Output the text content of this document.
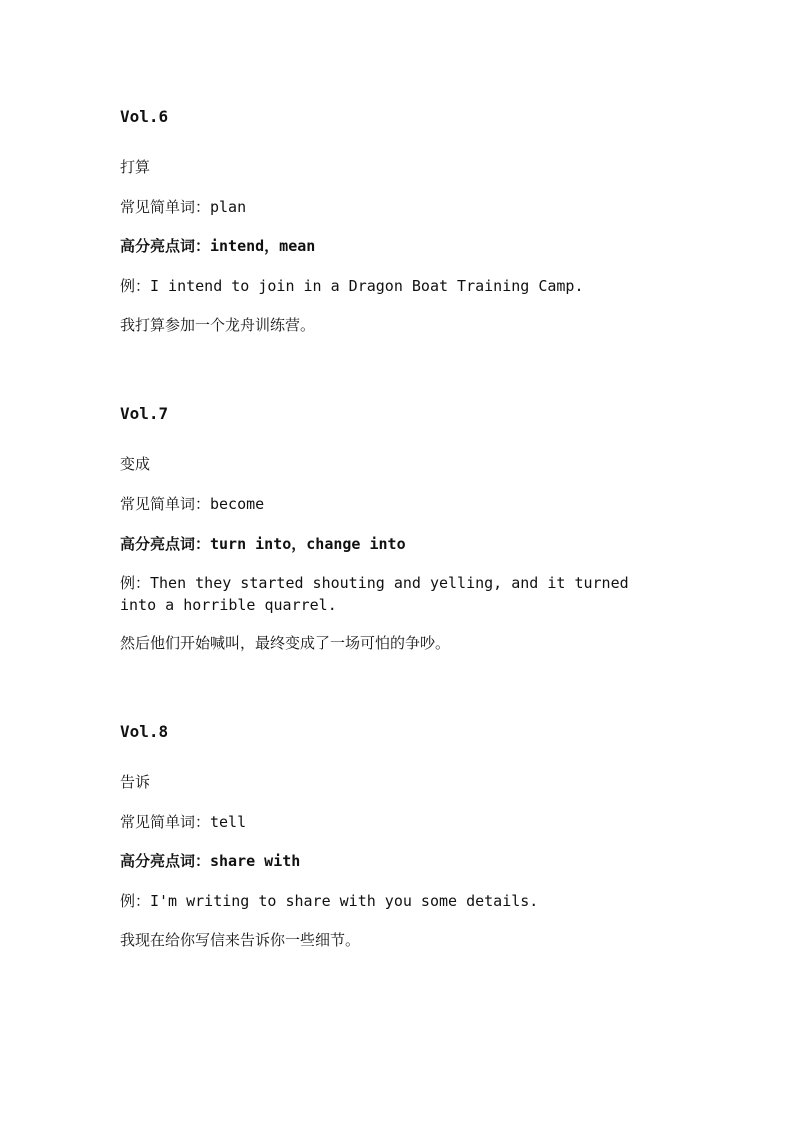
Vol.6
打算
常见简单词：plan
高分亮点词：intend，mean
例：I intend to join in a Dragon Boat Training Camp.
我打算参加一个龙舟训练营。
Vol.7
变成
常见简单词：become
高分亮点词：turn into，change into
例：Then they started shouting and yelling, and it turned into a horrible quarrel.
然后他们开始喊叫，最终变成了一场可怕的争吵。
Vol.8
告诉
常见简单词：tell
高分亮点词：share with
例：I'm writing to share with you some details.
我现在给你写信来告诉你一些细节。
